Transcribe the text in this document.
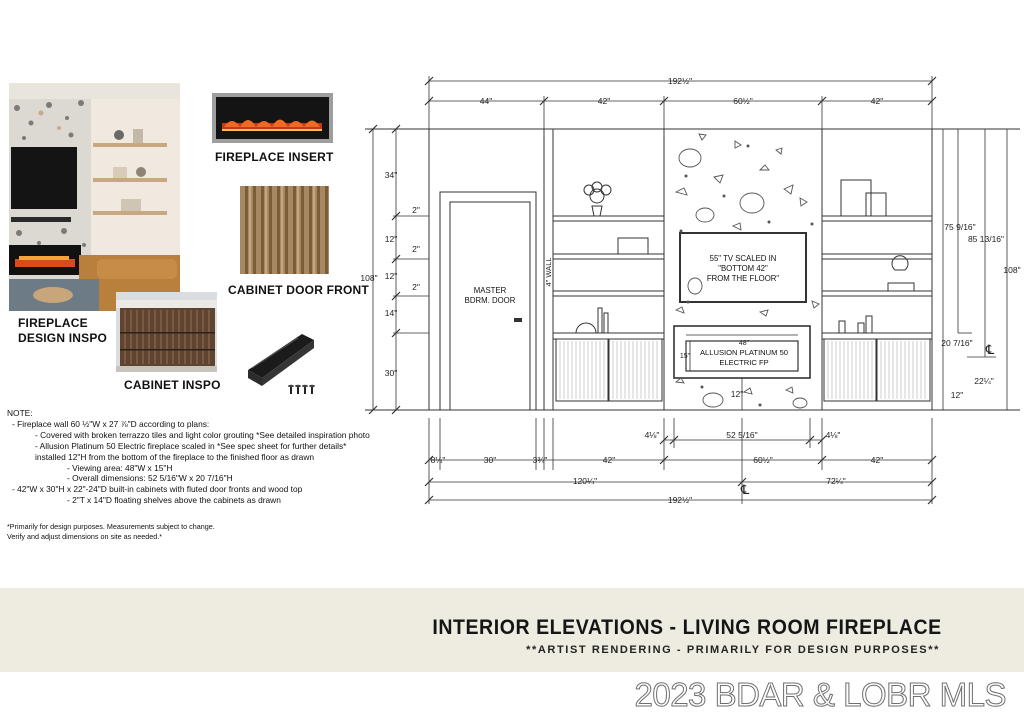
FIREPLACE
DESIGN INSPO
FIREPLACE INSERT
CABINET DOOR FRONT
CABINET INSPO
NOTE:
- Fireplace wall 60 ½"W x 27 ⅞"D according to plans:
- Covered with broken terrazzo tiles and light color grouting *See detailed inspiration photo
- Allusion Platinum 50 Electric fireplace scaled in *See spec sheet for further details*
installed 12"H from the bottom of the fireplace to the finished floor as drawn
- Viewing area: 48"W x 15"H
- Overall dimensions: 52 5/16"W x 20 7/16"H
- 42"W x 30"H x 22"-24"D built-in cabinets with fluted door fronts and wood top
- 2"T x 14"D floating shelves above the cabinets as drawn
*Primarily for design purposes. Measurements subject to change. Verify and adjust dimensions on site as needed.*
192½"
44"	42"	60½"	42"
34"
12"
12"
14"
30"
108"
2"
2"
2"
75 9/16"
85 13/16"
108"
20 7/16"
22¼"
12"
℄
48"
15"
12"
4⅛"	52 5/16"	4⅛"
8¼"	30"	3¾"	42"	60½"	42"
120¼"	72¼"
℄
192½"
4" WALL
MASTER
BDRM. DOOR
55" TV SCALED IN
"BOTTOM 42"
FROM THE FLOOR"
ALLUSION PLATINUM 50
ELECTRIC FP
INTERIOR ELEVATIONS - LIVING ROOM FIREPLACE
**ARTIST RENDERING - PRIMARILY FOR DESIGN PURPOSES**
2023 BDAR & LOBR MLS
